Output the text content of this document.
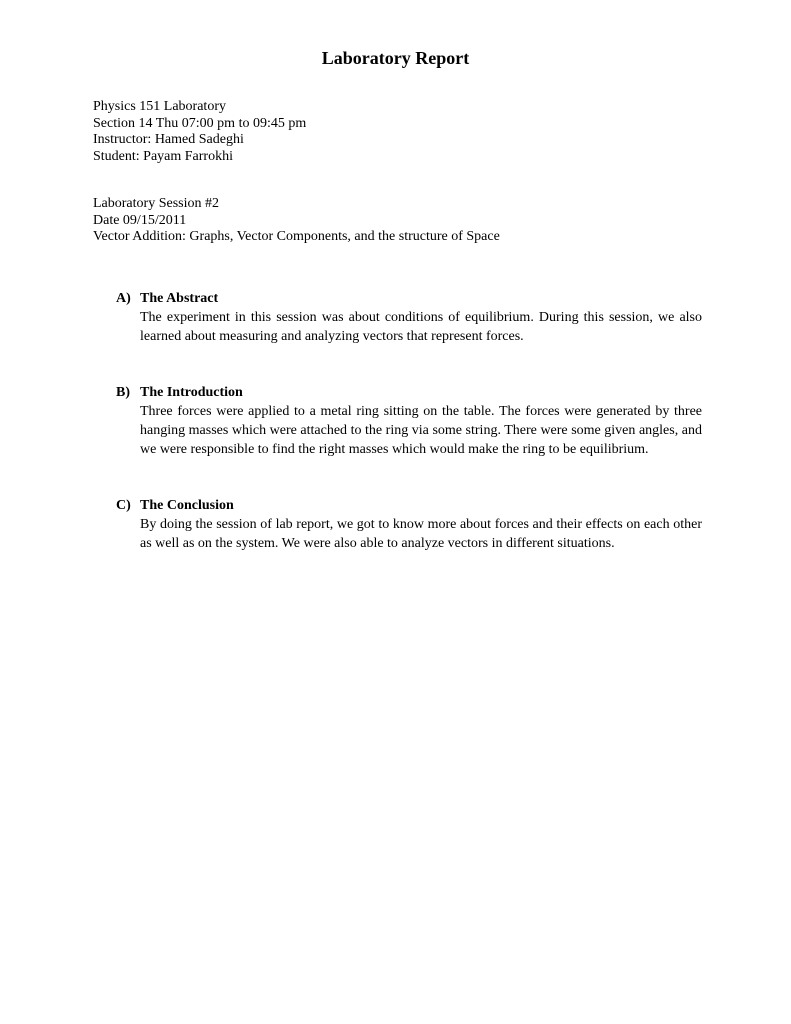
Laboratory Report
Physics 151 Laboratory
Section 14 Thu 07:00 pm to 09:45 pm
Instructor: Hamed Sadeghi
Student: Payam Farrokhi
Laboratory Session #2
Date 09/15/2011
Vector Addition: Graphs, Vector Components, and the structure of Space
A) The Abstract

The experiment in this session was about conditions of equilibrium. During this session, we also learned about measuring and analyzing vectors that represent forces.

B) The Introduction

Three forces were applied to a metal ring sitting on the table. The forces were generated by three hanging masses which were attached to the ring via some string. There were some given angles, and we were responsible to find the right masses which would make the ring to be equilibrium.

C) The Conclusion

By doing the session of lab report, we got to know more about forces and their effects on each other as well as on the system. We were also able to analyze vectors in different situations.
